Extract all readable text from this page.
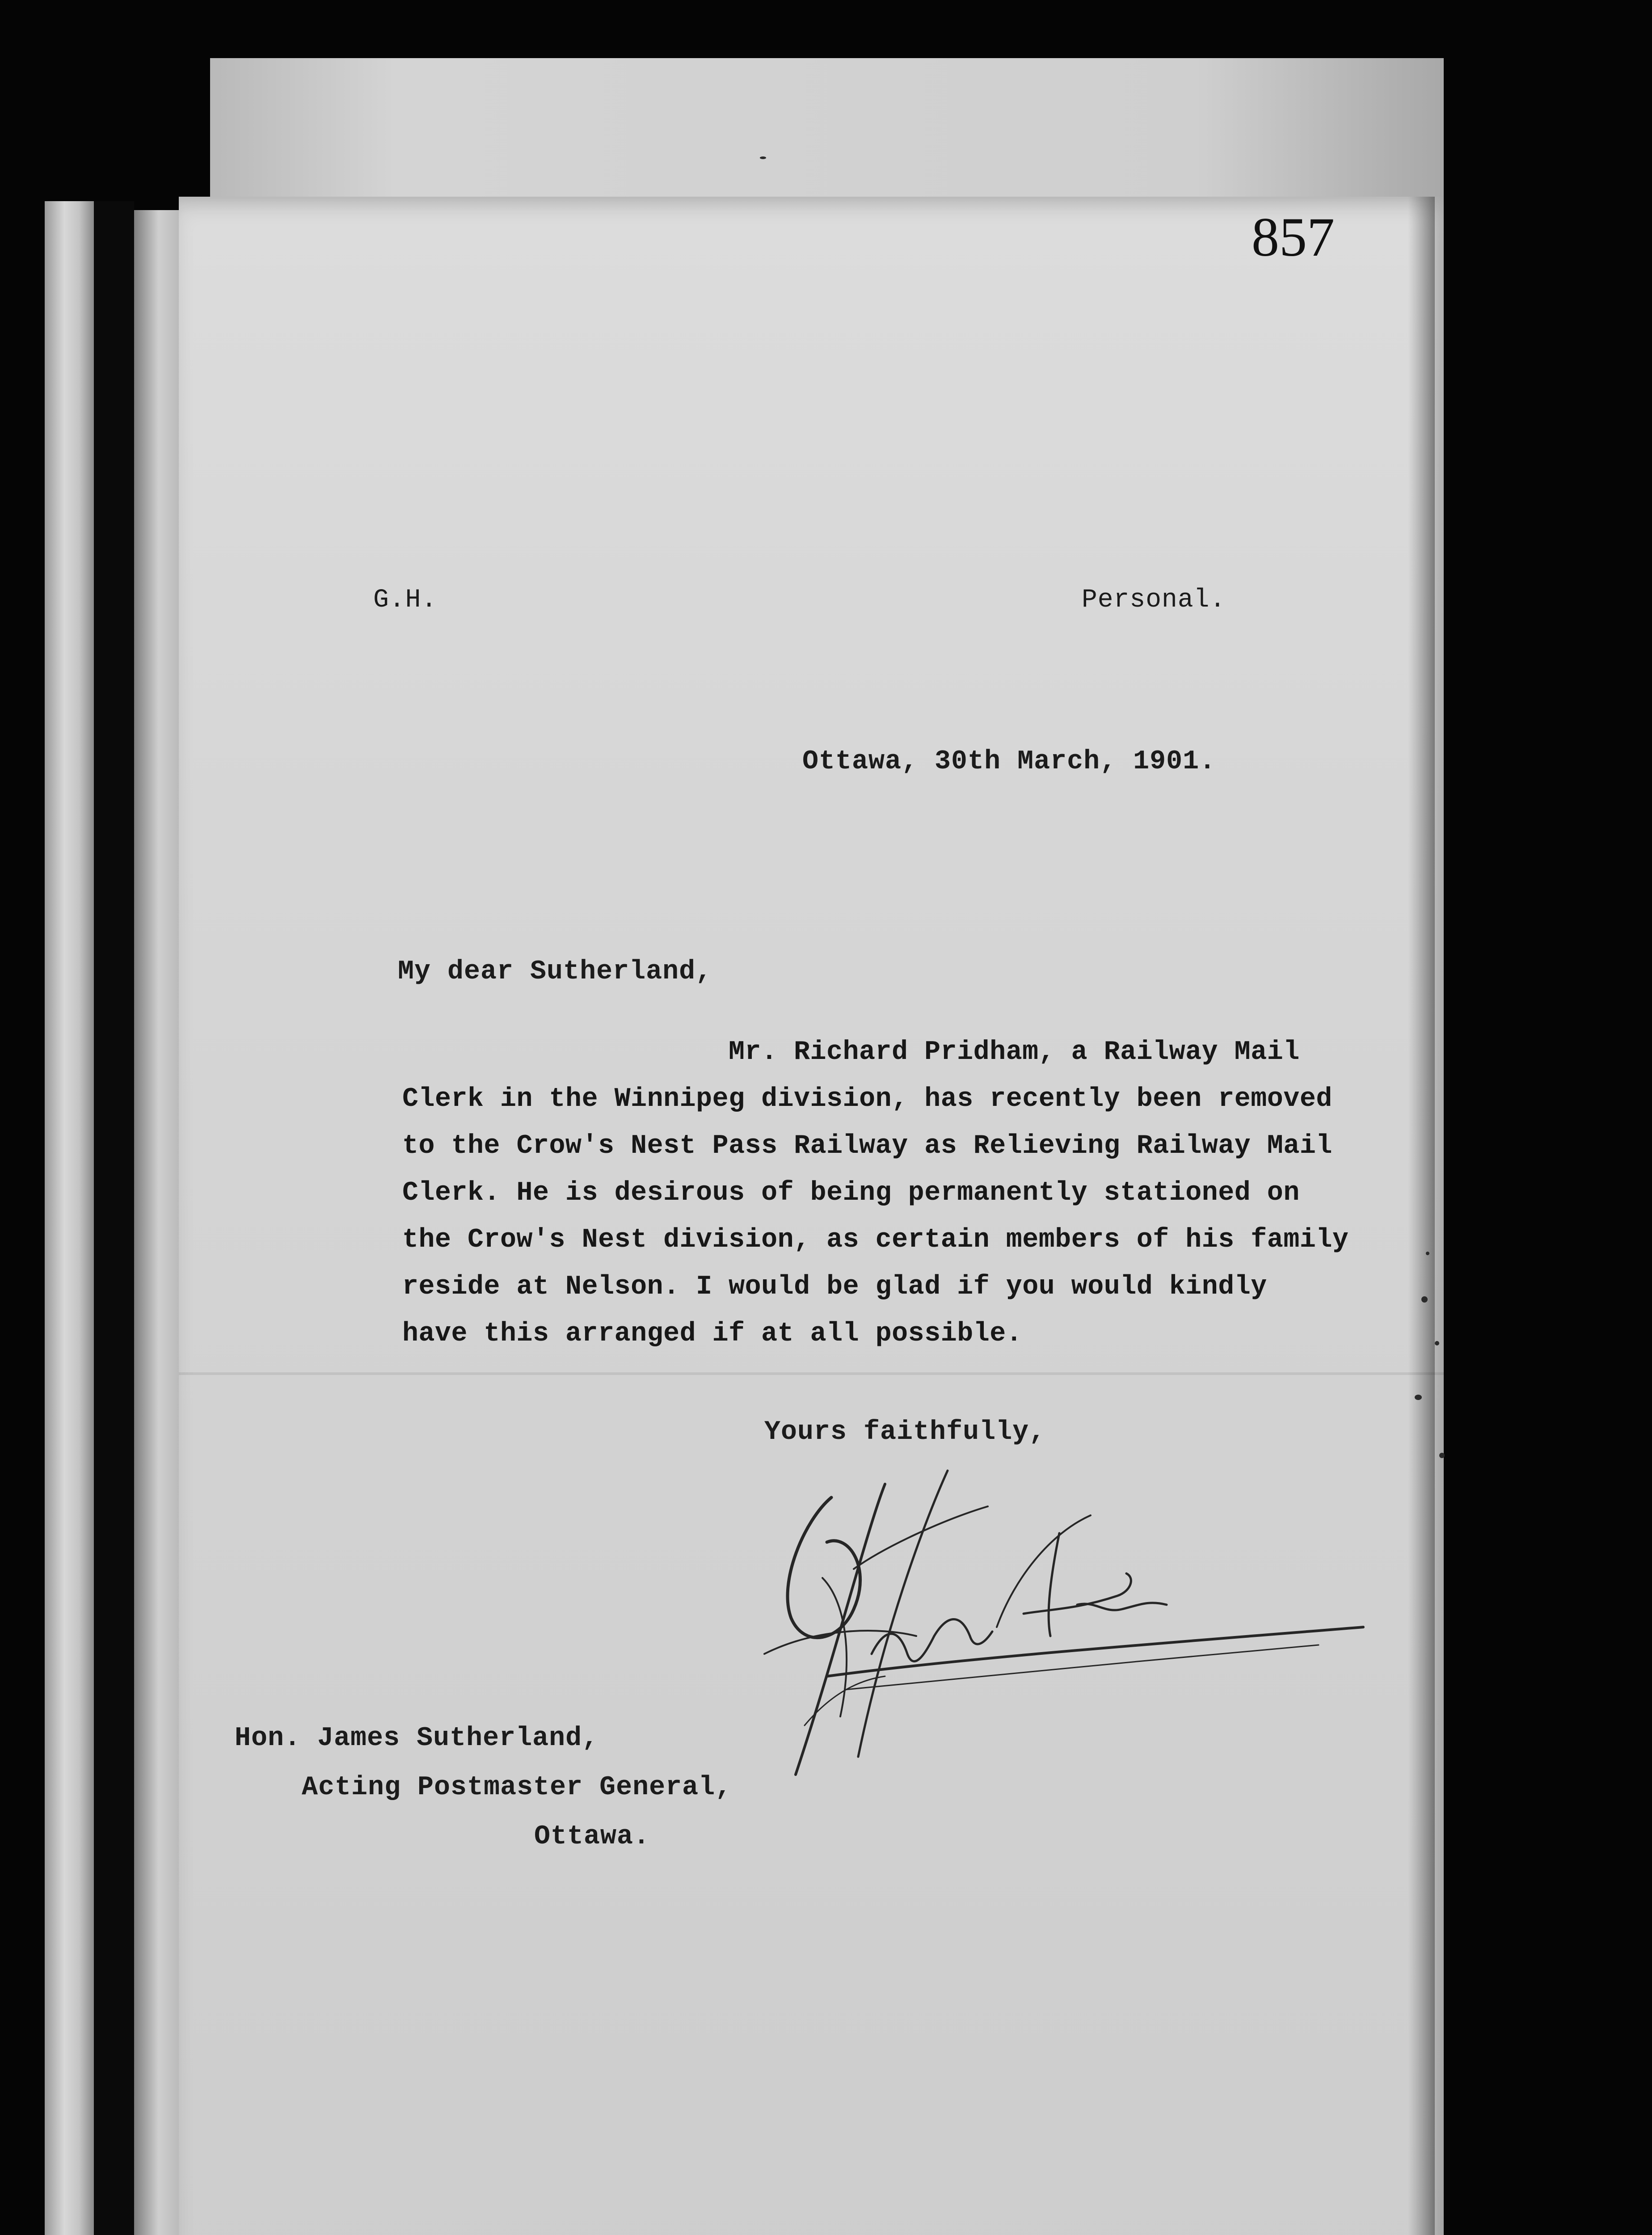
857
G.H.	Personal.
Ottawa, 30th March, 1901.
My dear Sutherland,
Mr. Richard Pridham, a Railway Mail
Clerk in the Winnipeg division, has recently been removed
to the Crow's Nest Pass Railway as Relieving Railway Mail
Clerk. He is desirous of being permanently stationed on
the Crow's Nest division, as certain members of his family
reside at Nelson. I would be glad if you would kindly
have this arranged if at all possible.
Yours faithfully,
Hon. James Sutherland,
Acting Postmaster General,
Ottawa.
